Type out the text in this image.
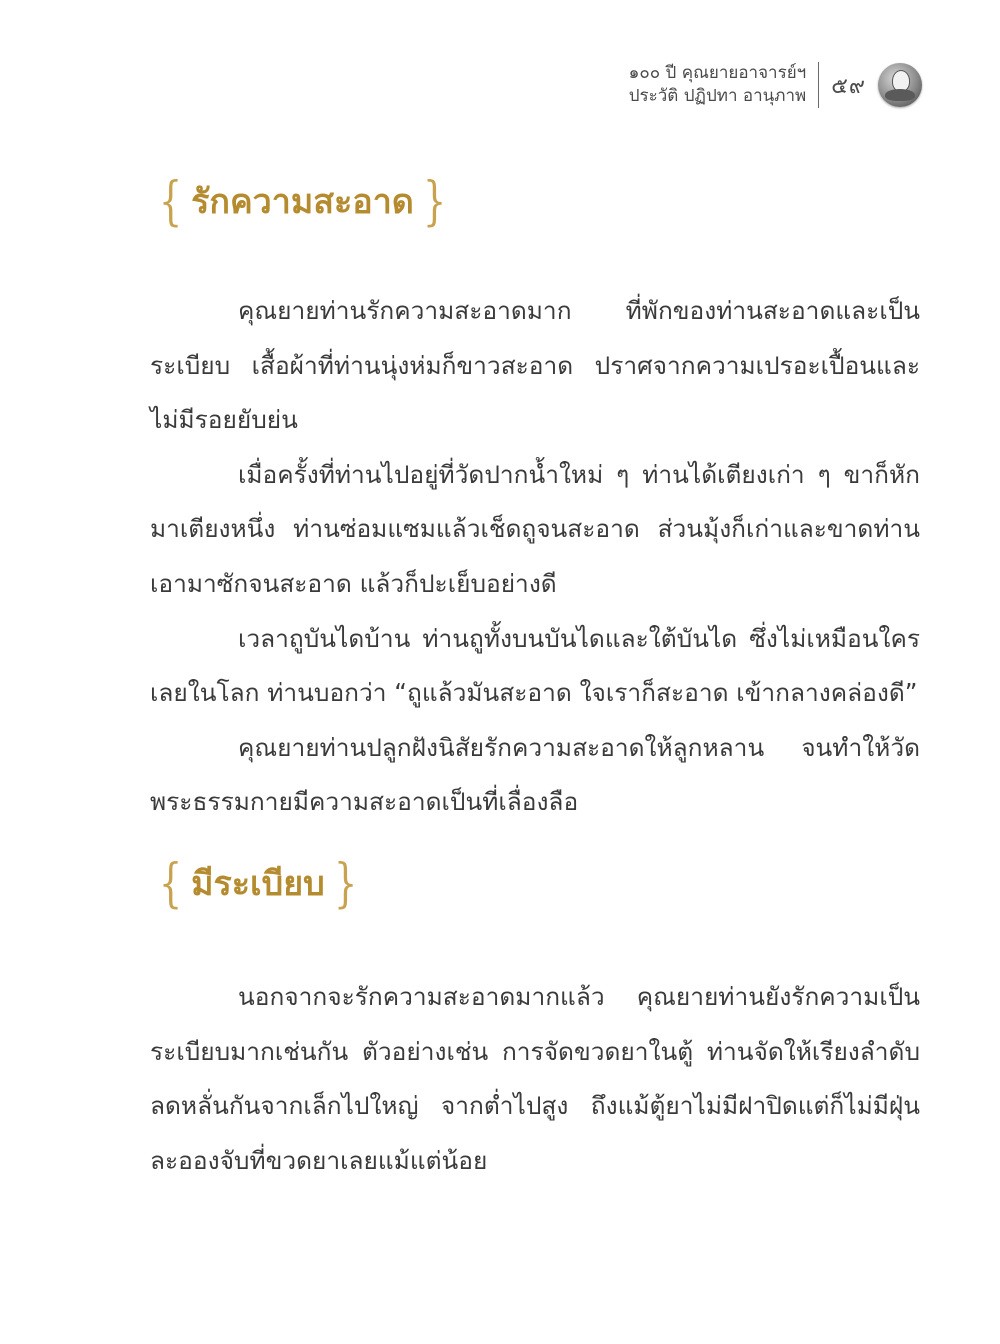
๑๐๐ ปี คุณยายอาจารย์ฯ
ประวัติ ปฏิปทา อานุภาพ ๕๙
{ รักความสะอาด }

คุณยายท่านรักความสะอาดมาก ที่พักของท่านสะอาดและเป็นระเบียบ เสื้อผ้าที่ท่านนุ่งห่มก็ขาวสะอาด ปราศจากความเปรอะเปื้อนและไม่มีรอยยับย่น

เมื่อครั้งที่ท่านไปอยู่ที่วัดปากน้ำใหม่ ๆ ท่านได้เตียงเก่า ๆ ขาก็หักมาเตียงหนึ่ง ท่านซ่อมแซมแล้วเช็ดถูจนสะอาด ส่วนมุ้งก็เก่าและขาดท่านเอามาซักจนสะอาด แล้วก็ปะเย็บอย่างดี

เวลาถูบันไดบ้าน ท่านถูทั้งบนบันไดและใต้บันได ซึ่งไม่เหมือนใครเลยในโลก ท่านบอกว่า “ถูแล้วมันสะอาด ใจเราก็สะอาด เข้ากลางคล่องดี”

คุณยายท่านปลูกฝังนิสัยรักความสะอาดให้ลูกหลาน จนทำให้วัดพระธรรมกายมีความสะอาดเป็นที่เลื่องลือ

{ มีระเบียบ }

นอกจากจะรักความสะอาดมากแล้ว คุณยายท่านยังรักความเป็นระเบียบมากเช่นกัน ตัวอย่างเช่น การจัดขวดยาในตู้ ท่านจัดให้เรียงลำดับลดหลั่นกันจากเล็กไปใหญ่ จากต่ำไปสูง ถึงแม้ตู้ยาไม่มีฝาปิดแต่ก็ไม่มีฝุ่นละอองจับที่ขวดยาเลยแม้แต่น้อย
